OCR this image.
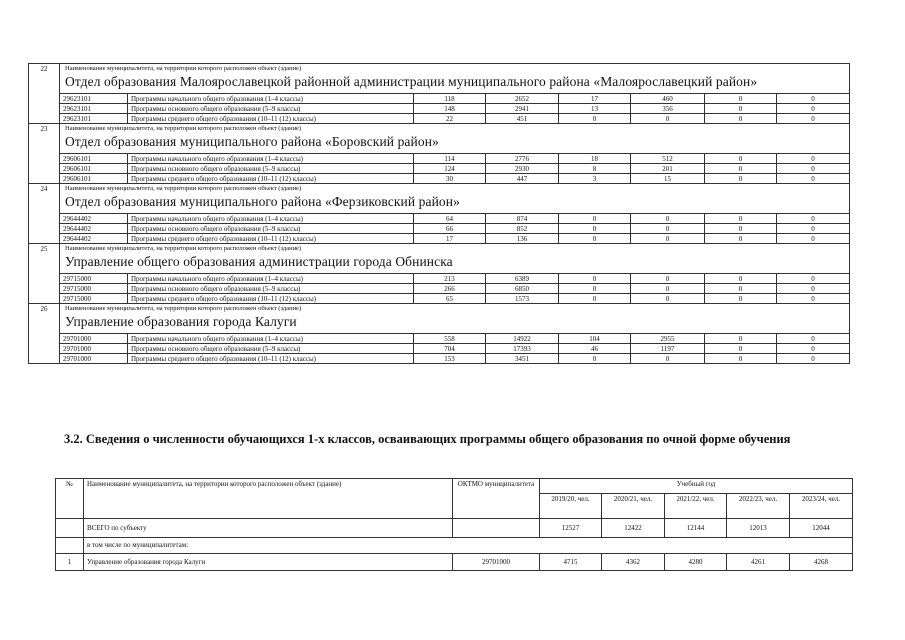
22	Наименование муниципалитета, на территории которого расположен объект (здание)
Отдел образования Малоярославецкой районной администрации муниципального района «Малоярославецкий район»							

	29623101	Программы начального общего образования (1–4 классы)	118	2652	17	460	0	0
	29623101	Программы основного общего образования (5–9 классы)	148	2941	13	356	0	0
	29623101	Программы среднего общего образования (10–11 (12) классы)	22	451	0	0	0	0
23	Наименование муниципалитета, на территории которого расположен объект (здание)
Отдел образования муниципального района «Боровский район»							

	29606101	Программы начального общего образования (1–4 классы)	114	2776	18	512	0	0
	29606101	Программы основного общего образования (5–9 классы)	124	2930	8	201	0	0
	29606101	Программы среднего общего образования (10–11 (12) классы)	30	447	3	15	0	0
24	Наименование муниципалитета, на территории которого расположен объект (здание)
Отдел образования муниципального района «Ферзиковский район»							

	29644402	Программы начального общего образования (1–4 классы)	64	874	0	0	0	0
	29644402	Программы основного общего образования (5–9 классы)	66	852	0	0	0	0
	29644402	Программы среднего общего образования (10–11 (12) классы)	17	136	0	0	0	0
25	Наименование муниципалитета, на территории которого расположен объект (здание)
Управление общего образования администрации города Обнинска							

	29715000	Программы начального общего образования (1–4 классы)	213	6389	0	0	0	0
	29715000	Программы основного общего образования (5–9 классы)	266	6850	0	0	0	0
	29715000	Программы среднего общего образования (10–11 (12) классы)	65	1573	0	0	0	0
26	Наименование муниципалитета, на территории которого расположен объект (здание)
Управление образования города Калуги							

	29701000	Программы начального общего образования (1–4 классы)	558	14922	104	2955	0	0
	29701000	Программы основного общего образования (5–9 классы)	704	17393	46	1197	0	0
	29701000	Программы среднего общего образования (10–11 (12) классы)	153	3451	0	0	0	0
3.2. Сведения о численности обучающихся 1-х классов, осваивающих программы общего образования по очной форме обучения
№	Наименование муниципалитета, на территории которого расположен объект (здание)	ОКТМО муниципалитета	Учебный год				
			2019/20, чел.	2020/21, чел.	2021/22, чел.	2022/23, чел.	2023/24, чел.
	ВСЕГО по субъекту		12527	12422	12144	12013	12044
	в том числе по муниципалитетам:						
1	Управление образования города Калуги	29701000	4715	4362	4280	4261	4268
